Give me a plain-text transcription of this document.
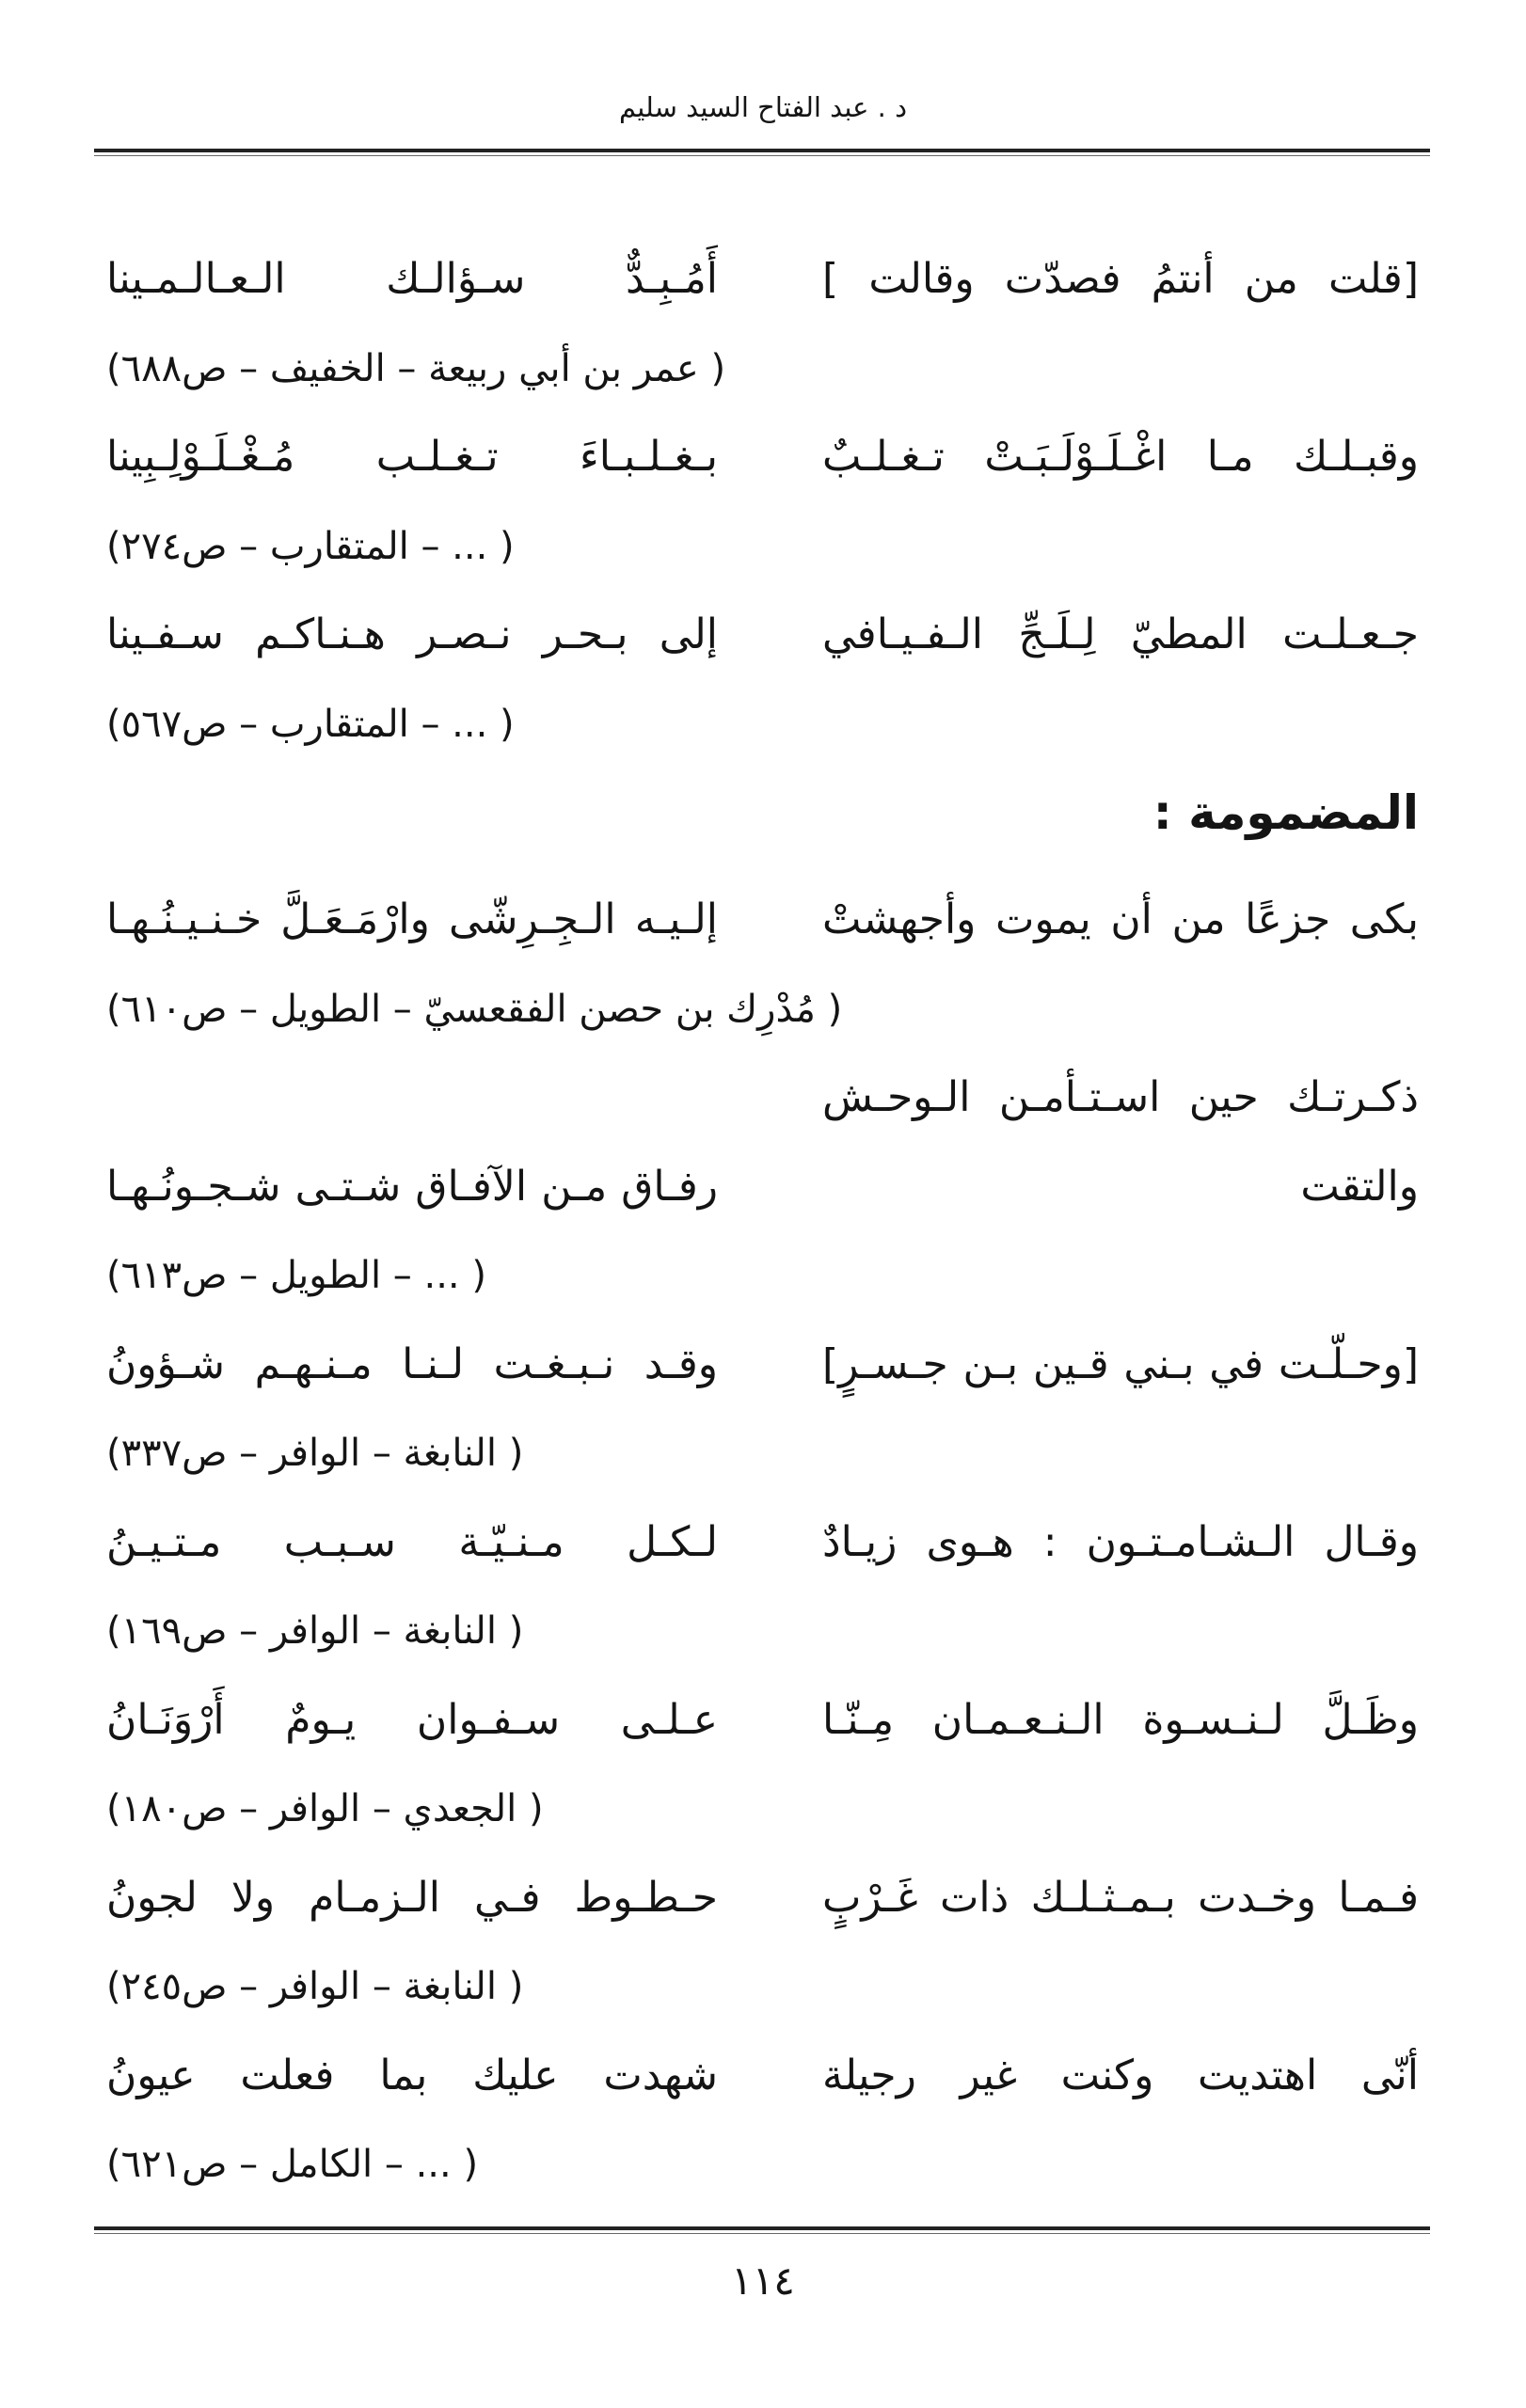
د . عبد الفتاح السيد سليم
[قلت من أنتمُ فصدّت وقالت ]
أَمُـبِـدٌّ سـؤالـك الـعـالـمـينا
( عمر بن أبي ربيعة – الخفيف – ص٦٨٨)
وقبـلـك مـا اغْـلَـوْلَـبَـتْ تـغـلـبٌ
بـغـلـبـاءَ تـغـلـب مُـغْـلَـوْلِـبِينا
( ... – المتقارب – ص٢٧٤)
جـعـلـت المطيّ لِـلَـجِّ الـفـيـافي
إلى بـحـر نـصـر هـنـاكـم سـفـينا
( ... – المتقارب – ص٥٦٧)
المضمومة :
بكى جزعًا من أن يموت وأجهشتْ
إلـيـه الـجِـرِشّى وارْمَـعَـلَّ خـنـيـنُـهـا
( مُدْرِك بن حصن الفقعسيّ – الطويل – ص٦١٠)
ذكـرتـك حين اسـتـأمـن الـوحـش
والتقت
رفـاق مـن الآفـاق شـتـى شـجـونُـهـا
( ... – الطويل – ص٦١٣)
[وحـلّـت في بـني قـين بـن جـسـرٍ]
وقـد نـبـغـت لـنـا مـنـهـم شـؤونُ
( النابغة – الوافر – ص٣٣٧)
وقـال الـشـامـتـون : هـوى زيـادٌ
لـكـل مـنـيّـة سـبـب مـتـيـنُ
( النابغة – الوافر – ص١٦٩)
وظَـلَّ لـنـسـوة الـنـعـمـان مِـنّـا
عـلـى سـفـوان يـومٌ أَرْوَنَـانُ
( الجعدي – الوافر – ص١٨٠)
فـمـا وخـدت بـمـثـلـك ذات غَـرْبٍ
حـطـوط فـي الـزمـام ولا لجونُ
( النابغة – الوافر – ص٢٤٥)
أنّى اهتديت وكنت غير رجيلة
شهدت عليك بما فعلت عيونُ
( ... – الكامل – ص٦٢١)
١١٤
